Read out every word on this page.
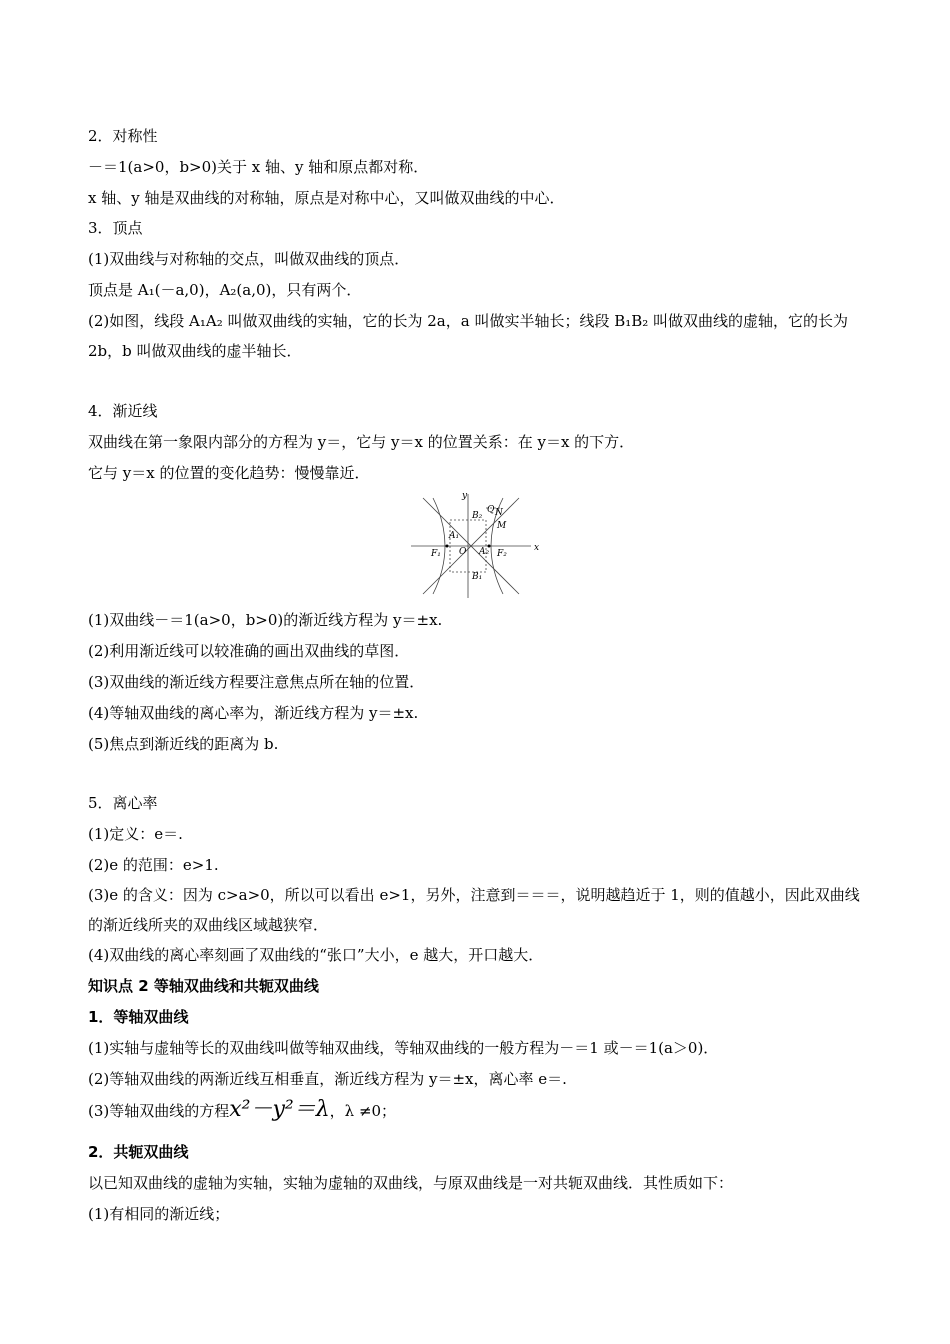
2．对称性
－＝1(a>0，b>0)关于 x 轴、y 轴和原点都对称．
x 轴、y 轴是双曲线的对称轴，原点是对称中心，又叫做双曲线的中心．
3．顶点
(1)双曲线与对称轴的交点，叫做双曲线的顶点．
顶点是 A₁(－a,0)，A₂(a,0)，只有两个．
(2)如图，线段 A₁A₂ 叫做双曲线的实轴，它的长为 2a，a 叫做实半轴长；线段 B₁B₂ 叫做双曲线的虚轴，它的长为 2b，b 叫做双曲线的虚半轴长．
4．渐近线
双曲线在第一象限内部分的方程为 y＝，它与 y＝x 的位置关系：在 y＝x 的下方．
它与 y＝x 的位置的变化趋势：慢慢靠近．
x
y
O
F₁	F₂
A₁
A₂
B₁
B₂
Q N
M
(1)双曲线－＝1(a>0，b>0)的渐近线方程为 y＝±x.
(2)利用渐近线可以较准确的画出双曲线的草图．
(3)双曲线的渐近线方程要注意焦点所在轴的位置．
(4)等轴双曲线的离心率为，渐近线方程为 y＝±x.
(5)焦点到渐近线的距离为 b.
5．离心率
(1)定义：e＝.
(2)e 的范围：e>1.
(3)e 的含义：因为 c>a>0，所以可以看出 e>1，另外，注意到＝＝＝，说明越趋近于 1，则的值越小，因此双曲线的渐近线所夹的双曲线区域越狭窄．
(4)双曲线的离心率刻画了双曲线的“张口”大小，e 越大，开口越大．
知识点 2 等轴双曲线和共轭双曲线
1．等轴双曲线
(1)实轴与虚轴等长的双曲线叫做等轴双曲线，等轴双曲线的一般方程为－＝1 或－＝1(a＞0)．
(2)等轴双曲线的两渐近线互相垂直，渐近线方程为 y＝±x，离心率 e＝.
(3)等轴双曲线的方程x²－y²＝λ，λ ≠0；
2．共轭双曲线
以已知双曲线的虚轴为实轴，实轴为虚轴的双曲线，与原双曲线是一对共轭双曲线．其性质如下：
(1)有相同的渐近线；
